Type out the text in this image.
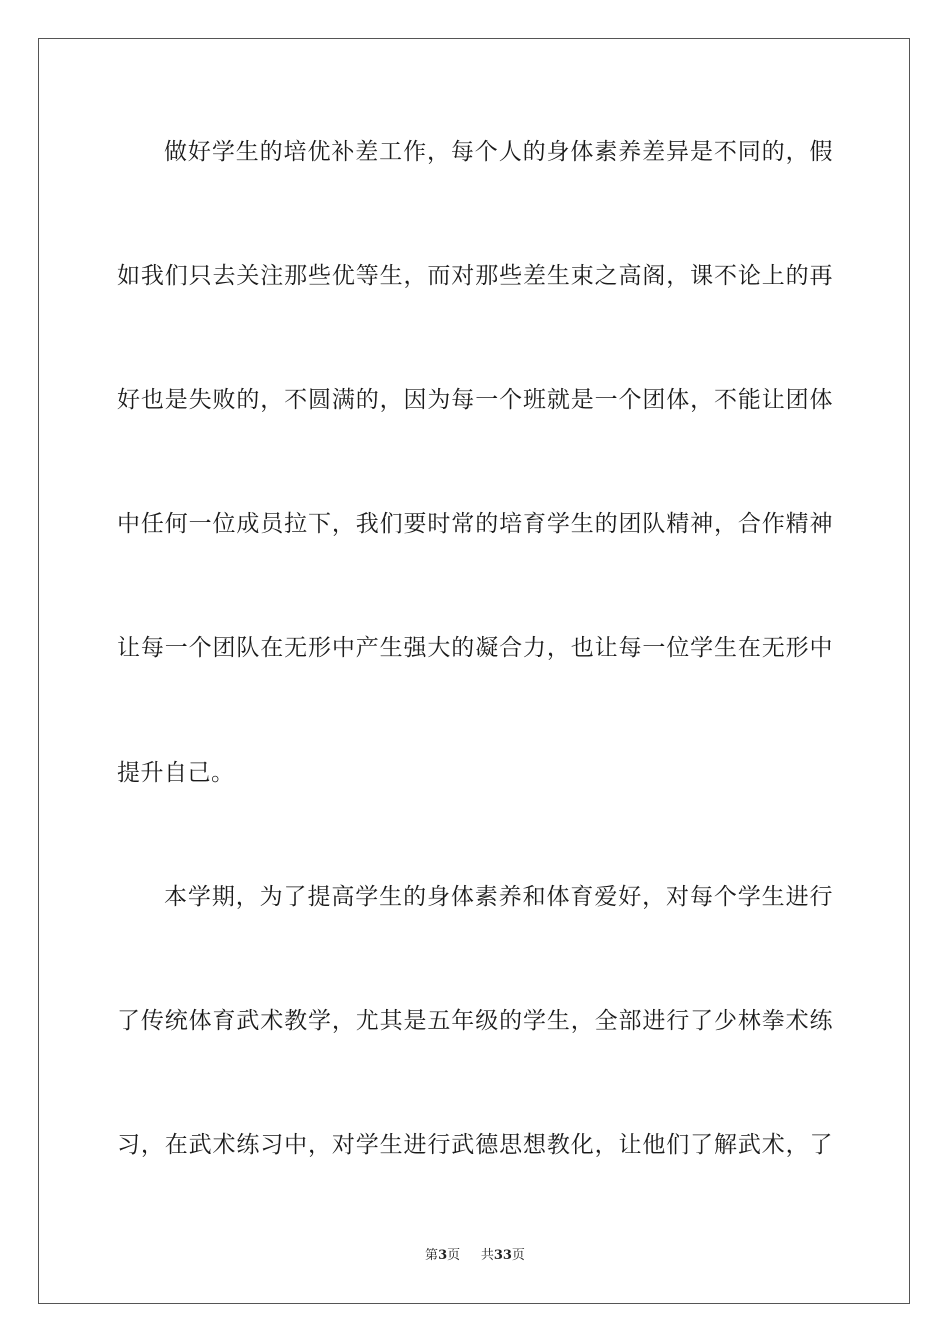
做好学生的培优补差工作，每个人的身体素养差异是不同的，假
如我们只去关注那些优等生，而对那些差生束之高阁，课不论上的再
好也是失败的，不圆满的，因为每一个班就是一个团体，不能让团体
中任何一位成员拉下，我们要时常的培育学生的团队精神，合作精神
让每一个团队在无形中产生强大的凝合力，也让每一位学生在无形中
提升自己。
本学期，为了提高学生的身体素养和体育爱好，对每个学生进行
了传统体育武术教学，尤其是五年级的学生，全部进行了少林拳术练
习，在武术练习中，对学生进行武德思想教化，让他们了解武术，了
第3页 共33页
